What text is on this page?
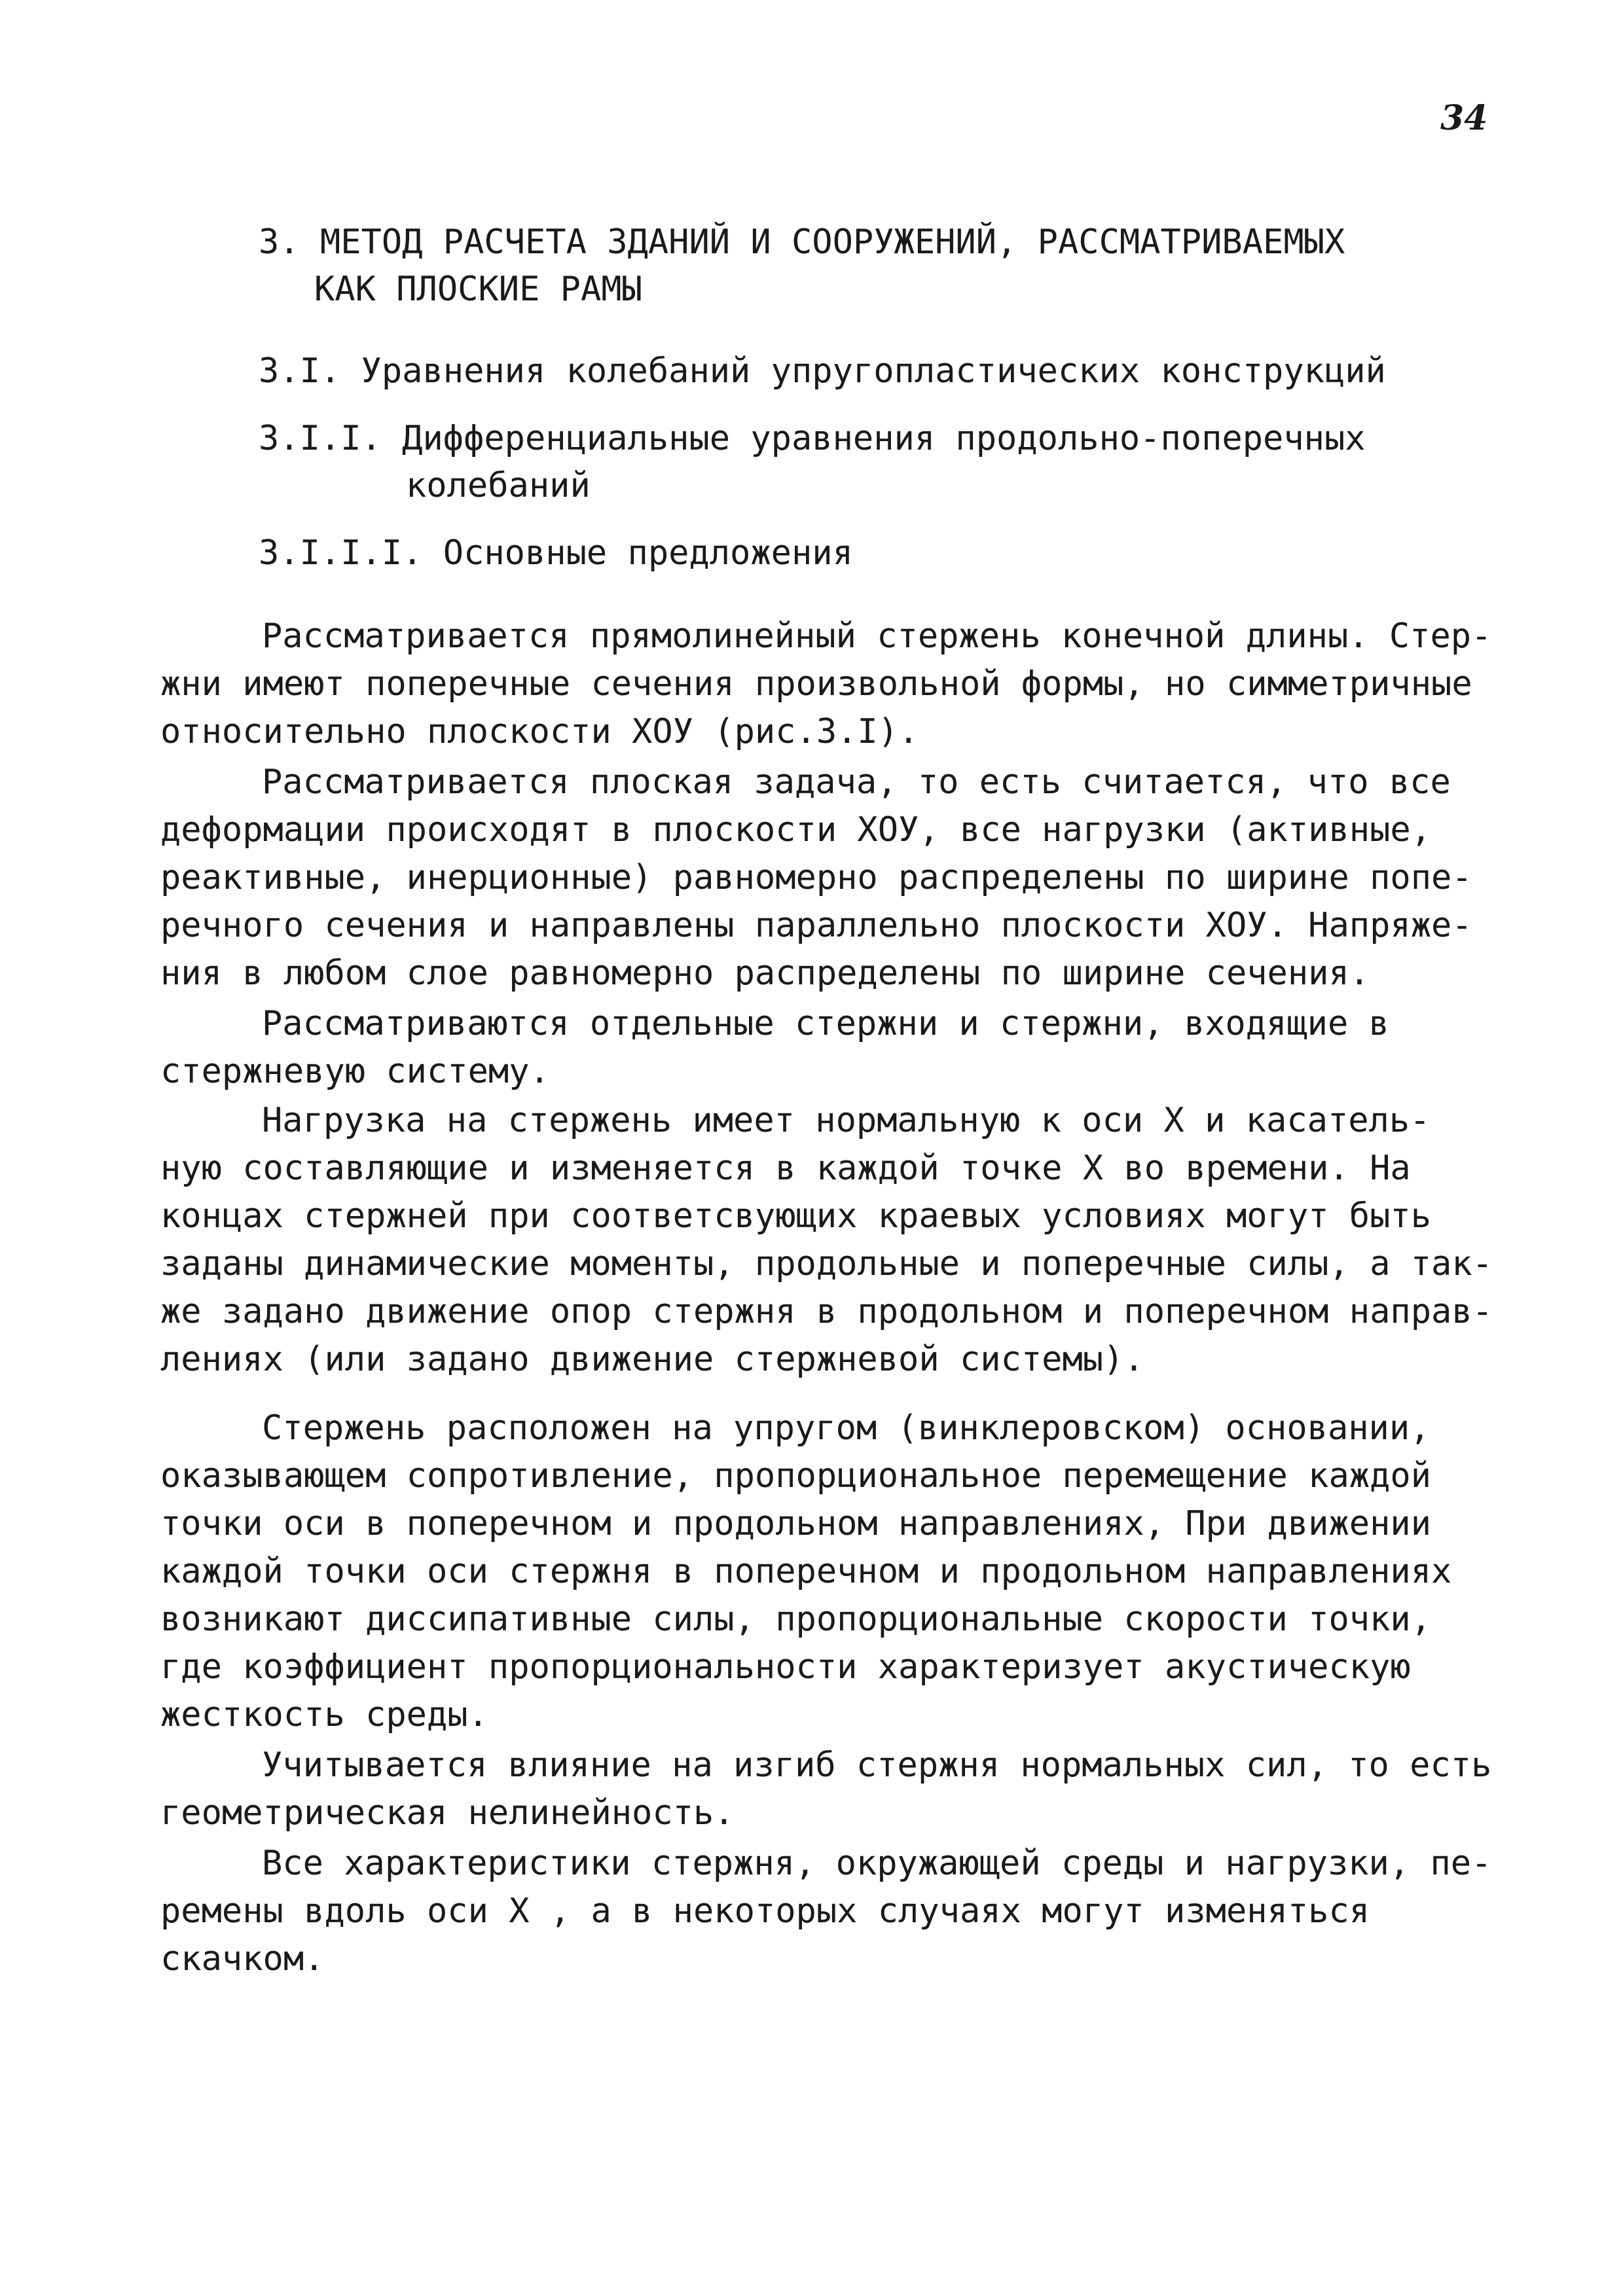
34
3. МЕТОД РАСЧЕТА ЗДАНИЙ И СООРУЖЕНИЙ, РАССМАТРИВАЕМЫХ
КАК ПЛОСКИЕ РАМЫ
3.I. Уравнения колебаний упругопластических конструкций
3.I.I. Дифференциальные уравнения продольно-поперечных
колебаний
3.I.I.I. Основные предложения
Рассматривается прямолинейный стержень конечной длины. Стер-
жни имеют поперечные сечения произвольной формы, но симметричные
относительно плоскости ХОУ (рис.3.I).
Рассматривается плоская задача, то есть считается, что все
деформации происходят в плоскости ХОУ, все нагрузки (активные,
реактивные, инерционные) равномерно распределены по ширине попе-
речного сечения и направлены параллельно плоскости ХОУ. Напряже-
ния в любом слое равномерно распределены по ширине сечения.
Рассматриваются отдельные стержни и стержни, входящие в
стержневую систему.
Нагрузка на стержень имеет нормальную к оси Х и касатель-
ную составляющие и изменяется в каждой точке Х во времени. На
концах стержней при соответсвующих краевых условиях могут быть
заданы динамические моменты, продольные и поперечные силы, а так-
же задано движение опор стержня в продольном и поперечном направ-
лениях (или задано движение стержневой системы).
Стержень расположен на упругом (винклеровском) основании,
оказывающем сопротивление, пропорциональное перемещение каждой
точки оси в поперечном и продольном направлениях, При движении
каждой точки оси стержня в поперечном и продольном направлениях
возникают диссипативные силы, пропорциональные скорости точки,
где коэффициент пропорциональности характеризует акустическую
жесткость среды.
Учитывается влияние на изгиб стержня нормальных сил, то есть
геометрическая нелинейность.
Все характеристики стержня, окружающей среды и нагрузки, пе-
ремены вдоль оси Х , а в некоторых случаях могут изменяться
скачком.
